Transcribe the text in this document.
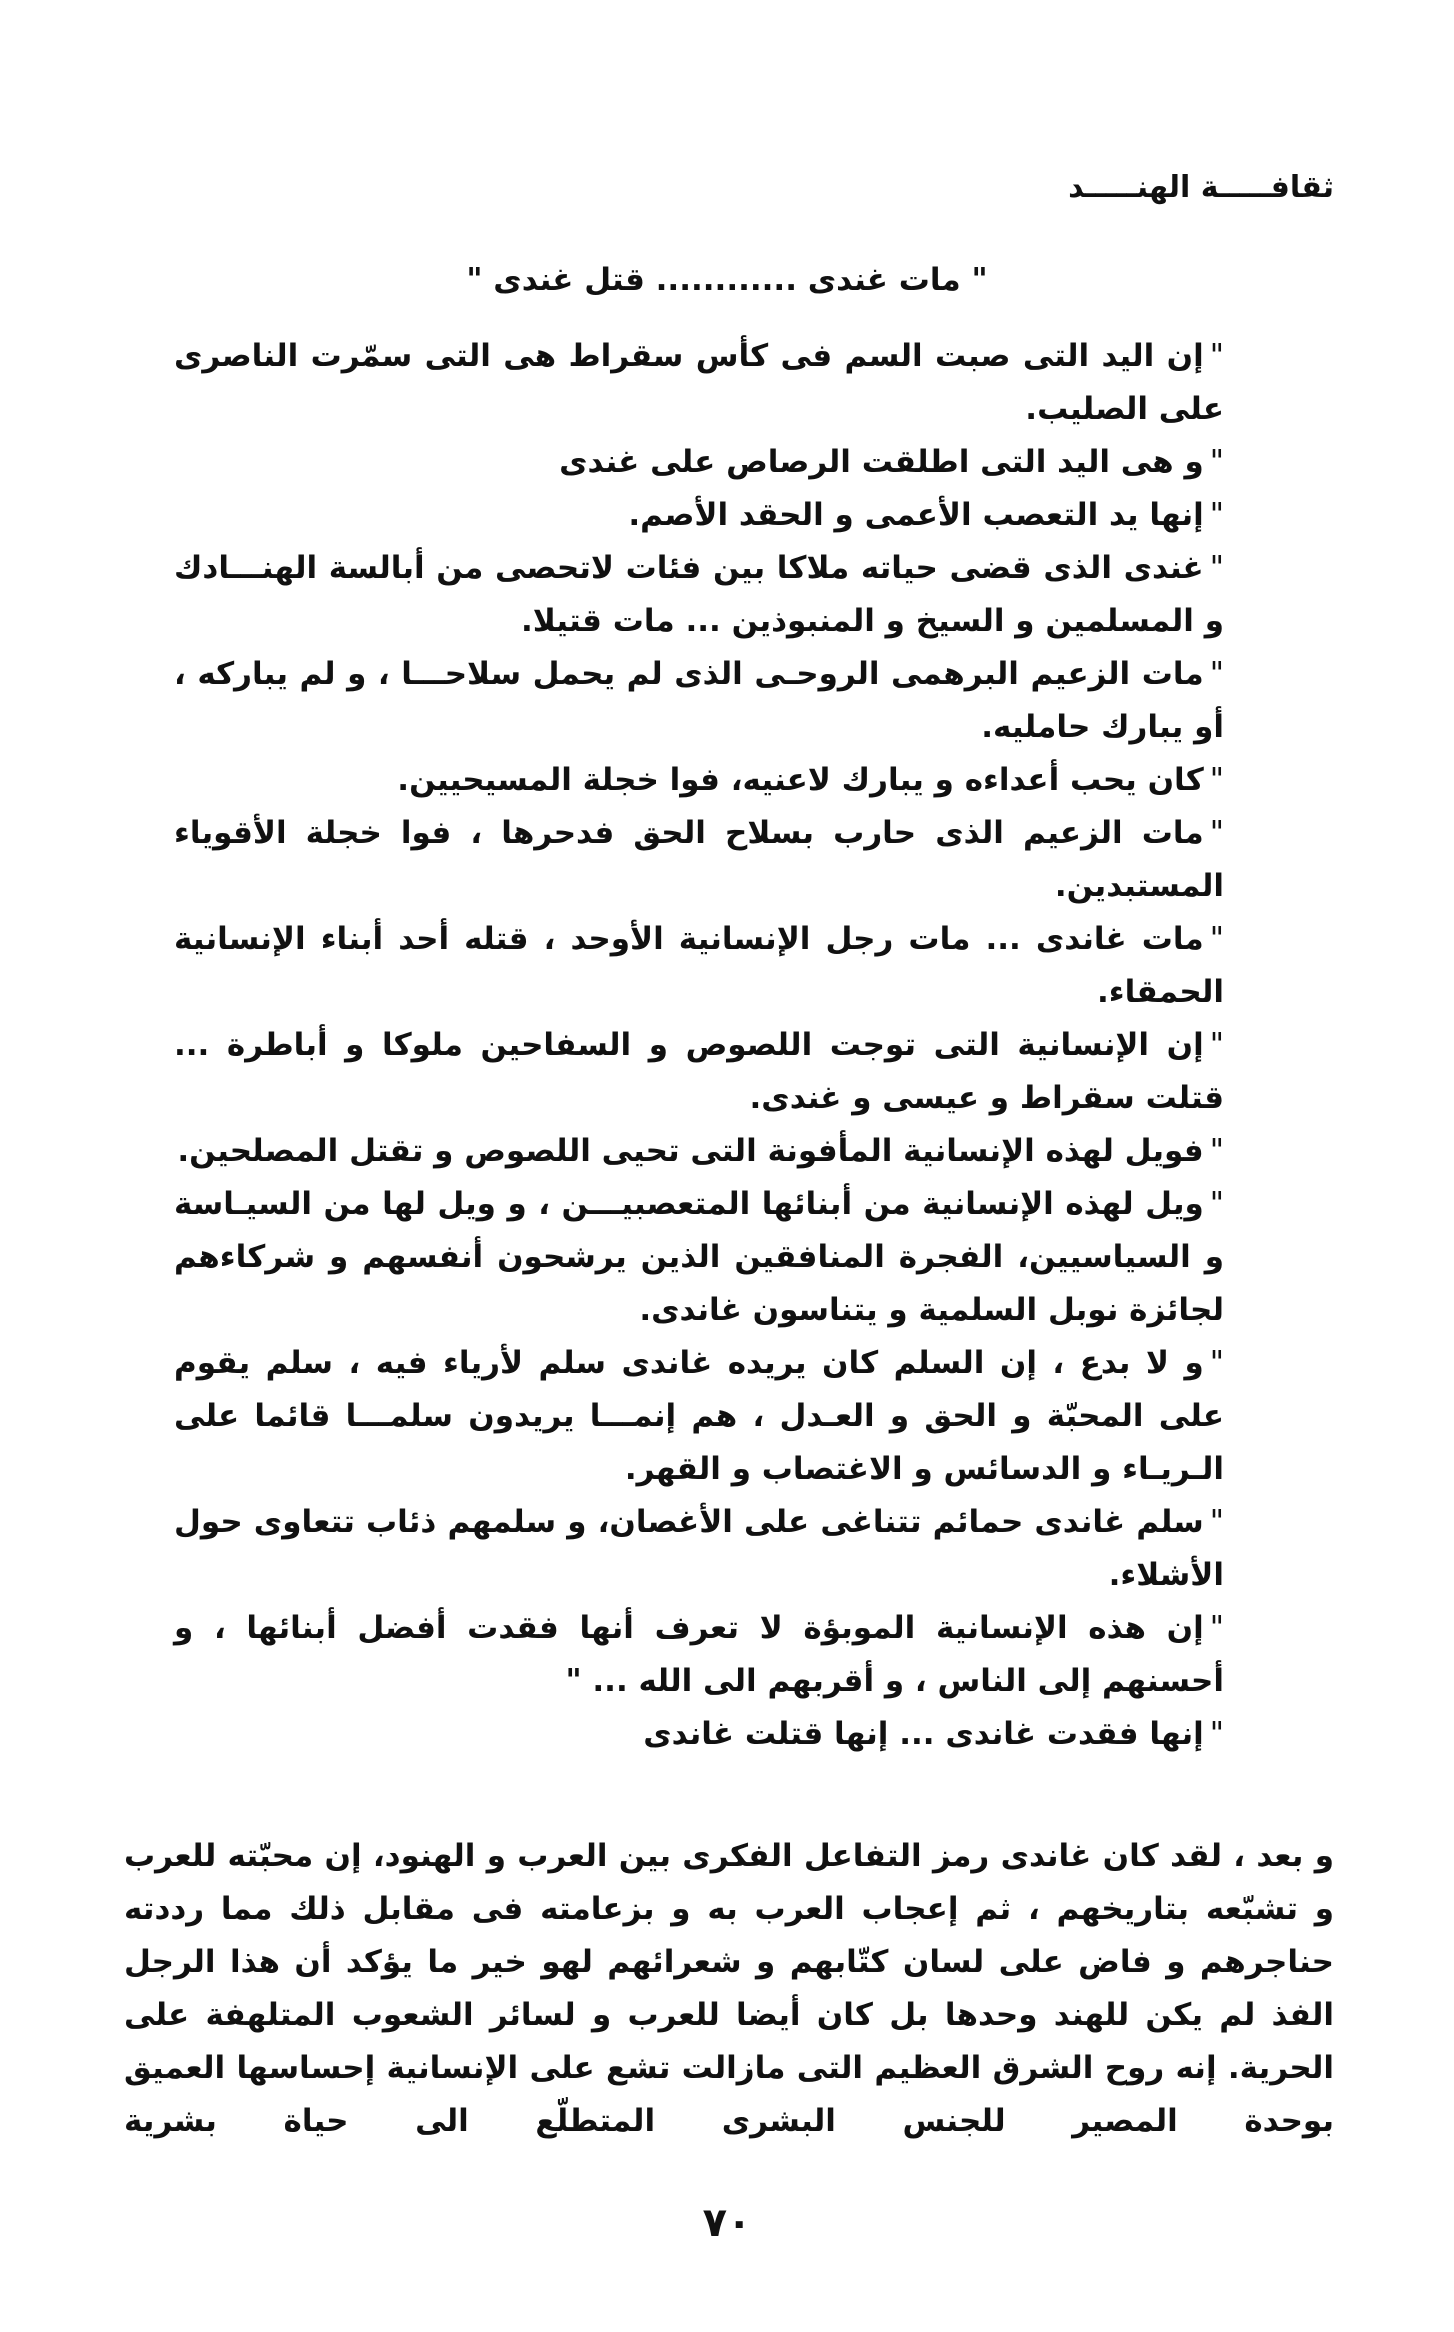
ثقافـــــة الهنـــــد
" مات غندى ............ قتل غندى "
"إن اليد التى صبت السم فى كأس سقراط هى التى سمّرت الناصرى على الصليب.
"و هى اليد التى اطلقت الرصاص على غندى
"إنها يد التعصب الأعمى و الحقد الأصم.
"غندى الذى قضى حياته ملاكا بين فئات لاتحصى من أبالسة الهنـــادك و المسلمين و السيخ و المنبوذين ... مات قتيلا.
"مات الزعيم البرهمى الروحـى الذى لم يحمل سلاحـــا ، و لم يباركه ، أو يبارك حامليه.
"كان يحب أعداءه و يبارك لاعنيه، فوا خجلة المسيحيين.
"مات الزعيم الذى حارب بسلاح الحق فدحرها ، فوا خجلة الأقوياء المستبدين.
"مات غاندى ... مات رجل الإنسانية الأوحد ، قتله أحد أبناء الإنسانية الحمقاء.
"إن الإنسانية التى توجت اللصوص و السفاحين ملوكا و أباطرة ... قتلت سقراط و عيسى و غندى.
"فويل لهذه الإنسانية المأفونة التى تحيى اللصوص و تقتل المصلحين.
"ويل لهذه الإنسانية من أبنائها المتعصبيـــن ، و ويل لها من السيـاسة و السياسيين، الفجرة المنافقين الذين يرشحون أنفسهم و شركاءهم لجائزة نوبل السلمية و يتناسون غاندى.
"و لا بدع ، إن السلم كان يريده غاندى سلم لأرياء فيه ، سلم يقوم على المحبّة و الحق و العـدل ، هم إنمـــا يريدون سلمـــا قائما على الـريـاء و الدسائس و الاغتصاب و القهر.
"سلم غاندى حمائم تتناغى على الأغصان، و سلمهم ذئاب تتعاوى حول الأشلاء.
"إن هذه الإنسانية الموبؤة لا تعرف أنها فقدت أفضل أبنائها ، و أحسنهم إلى الناس ، و أقربهم الى الله ... "
"إنها فقدت غاندى ... إنها قتلت غاندى

و بعد ، لقد كان غاندى رمز التفاعل الفكرى بين العرب و الهنود، إن محبّته للعرب و تشبّعه بتاريخهم ، ثم إعجاب العرب به و بزعامته فى مقابل ذلك مما رددته حناجرهم و فاض على لسان كتّابهم و شعرائهم لهو خير ما يؤكد أن هذا الرجل الفذ لم يكن للهند وحدها بل كان أيضا للعرب و لسائر الشعوب المتلهفة على الحرية. إنه روح الشرق العظيم التى مازالت تشع على الإنسانية إحساسها العميق بوحدة المصير للجنس البشرى المتطلّع الى حياة بشرية

٧٠
